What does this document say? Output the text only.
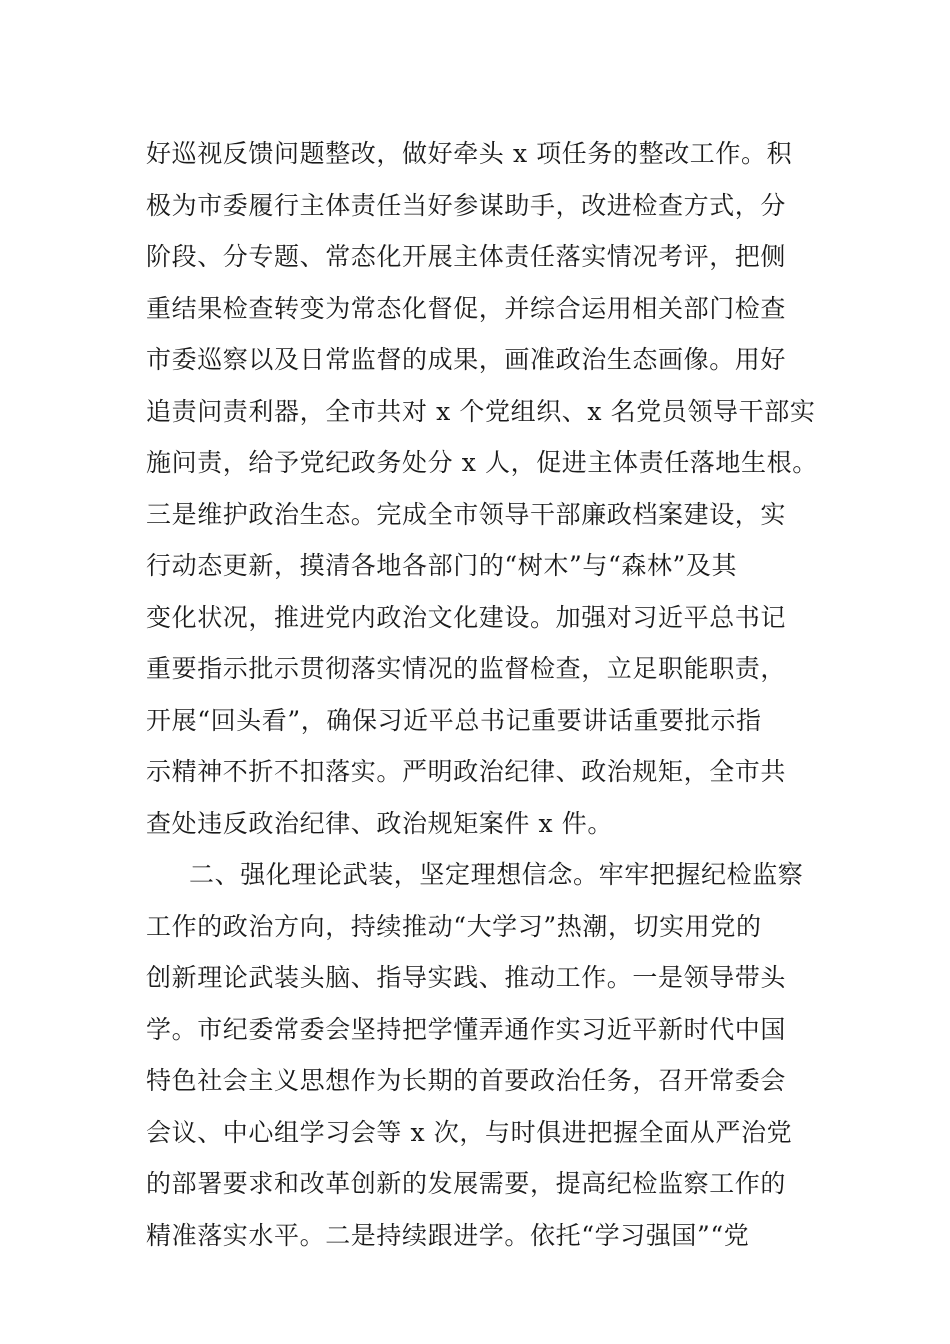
好巡视反馈问题整改，做好牵头 x 项任务的整改工作。积
极为市委履行主体责任当好参谋助手，改进检查方式，分
阶段、分专题、常态化开展主体责任落实情况考评，把侧
重结果检查转变为常态化督促，并综合运用相关部门检查
市委巡察以及日常监督的成果，画准政治生态画像。用好
追责问责利器，全市共对 x 个党组织、x 名党员领导干部实
施问责，给予党纪政务处分 x 人，促进主体责任落地生根。
三是维护政治生态。完成全市领导干部廉政档案建设，实
行动态更新，摸清各地各部门的“树木”与“森林”及其
变化状况，推进党内政治文化建设。加强对习近平总书记
重要指示批示贯彻落实情况的监督检查，立足职能职责，
开展“回头看”，确保习近平总书记重要讲话重要批示指
示精神不折不扣落实。严明政治纪律、政治规矩，全市共
查处违反政治纪律、政治规矩案件 x 件。
二、强化理论武装，坚定理想信念。牢牢把握纪检监察
工作的政治方向，持续推动“大学习”热潮，切实用党的
创新理论武装头脑、指导实践、推动工作。一是领导带头
学。市纪委常委会坚持把学懂弄通作实习近平新时代中国
特色社会主义思想作为长期的首要政治任务，召开常委会
会议、中心组学习会等 x 次，与时俱进把握全面从严治党
的部署要求和改革创新的发展需要，提高纪检监察工作的
精准落实水平。二是持续跟进学。依托“学习强国”“党
